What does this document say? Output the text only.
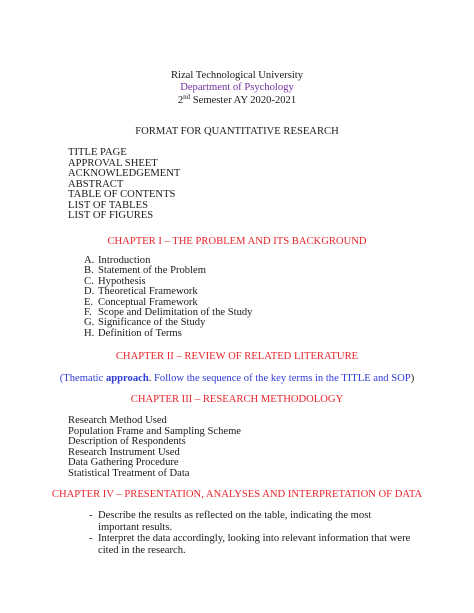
Rizal Technological University
Department of Psychology
2nd Semester AY 2020-2021
FORMAT FOR QUANTITATIVE RESEARCH
TITLE PAGE
APPROVAL SHEET
ACKNOWLEDGEMENT
ABSTRACT
TABLE OF CONTENTS
LIST OF TABLES
LIST OF FIGURES
CHAPTER I – THE PROBLEM AND ITS BACKGROUND
A. Introduction
B. Statement of the Problem
C. Hypothesis
D. Theoretical Framework
E. Conceptual Framework
F. Scope and Delimitation of the Study
G. Significance of the Study
H. Definition of Terms
CHAPTER II – REVIEW OF RELATED LITERATURE
(Thematic approach. Follow the sequence of the key terms in the TITLE and SOP)
CHAPTER III – RESEARCH METHODOLOGY
Research Method Used
Population Frame and Sampling Scheme
Description of Respondents
Research Instrument Used
Data Gathering Procedure
Statistical Treatment of Data
CHAPTER IV – PRESENTATION, ANALYSES AND INTERPRETATION OF DATA
- Describe the results as reflected on the table, indicating the most important results.
- Interpret the data accordingly, looking into relevant information that were cited in the research.
